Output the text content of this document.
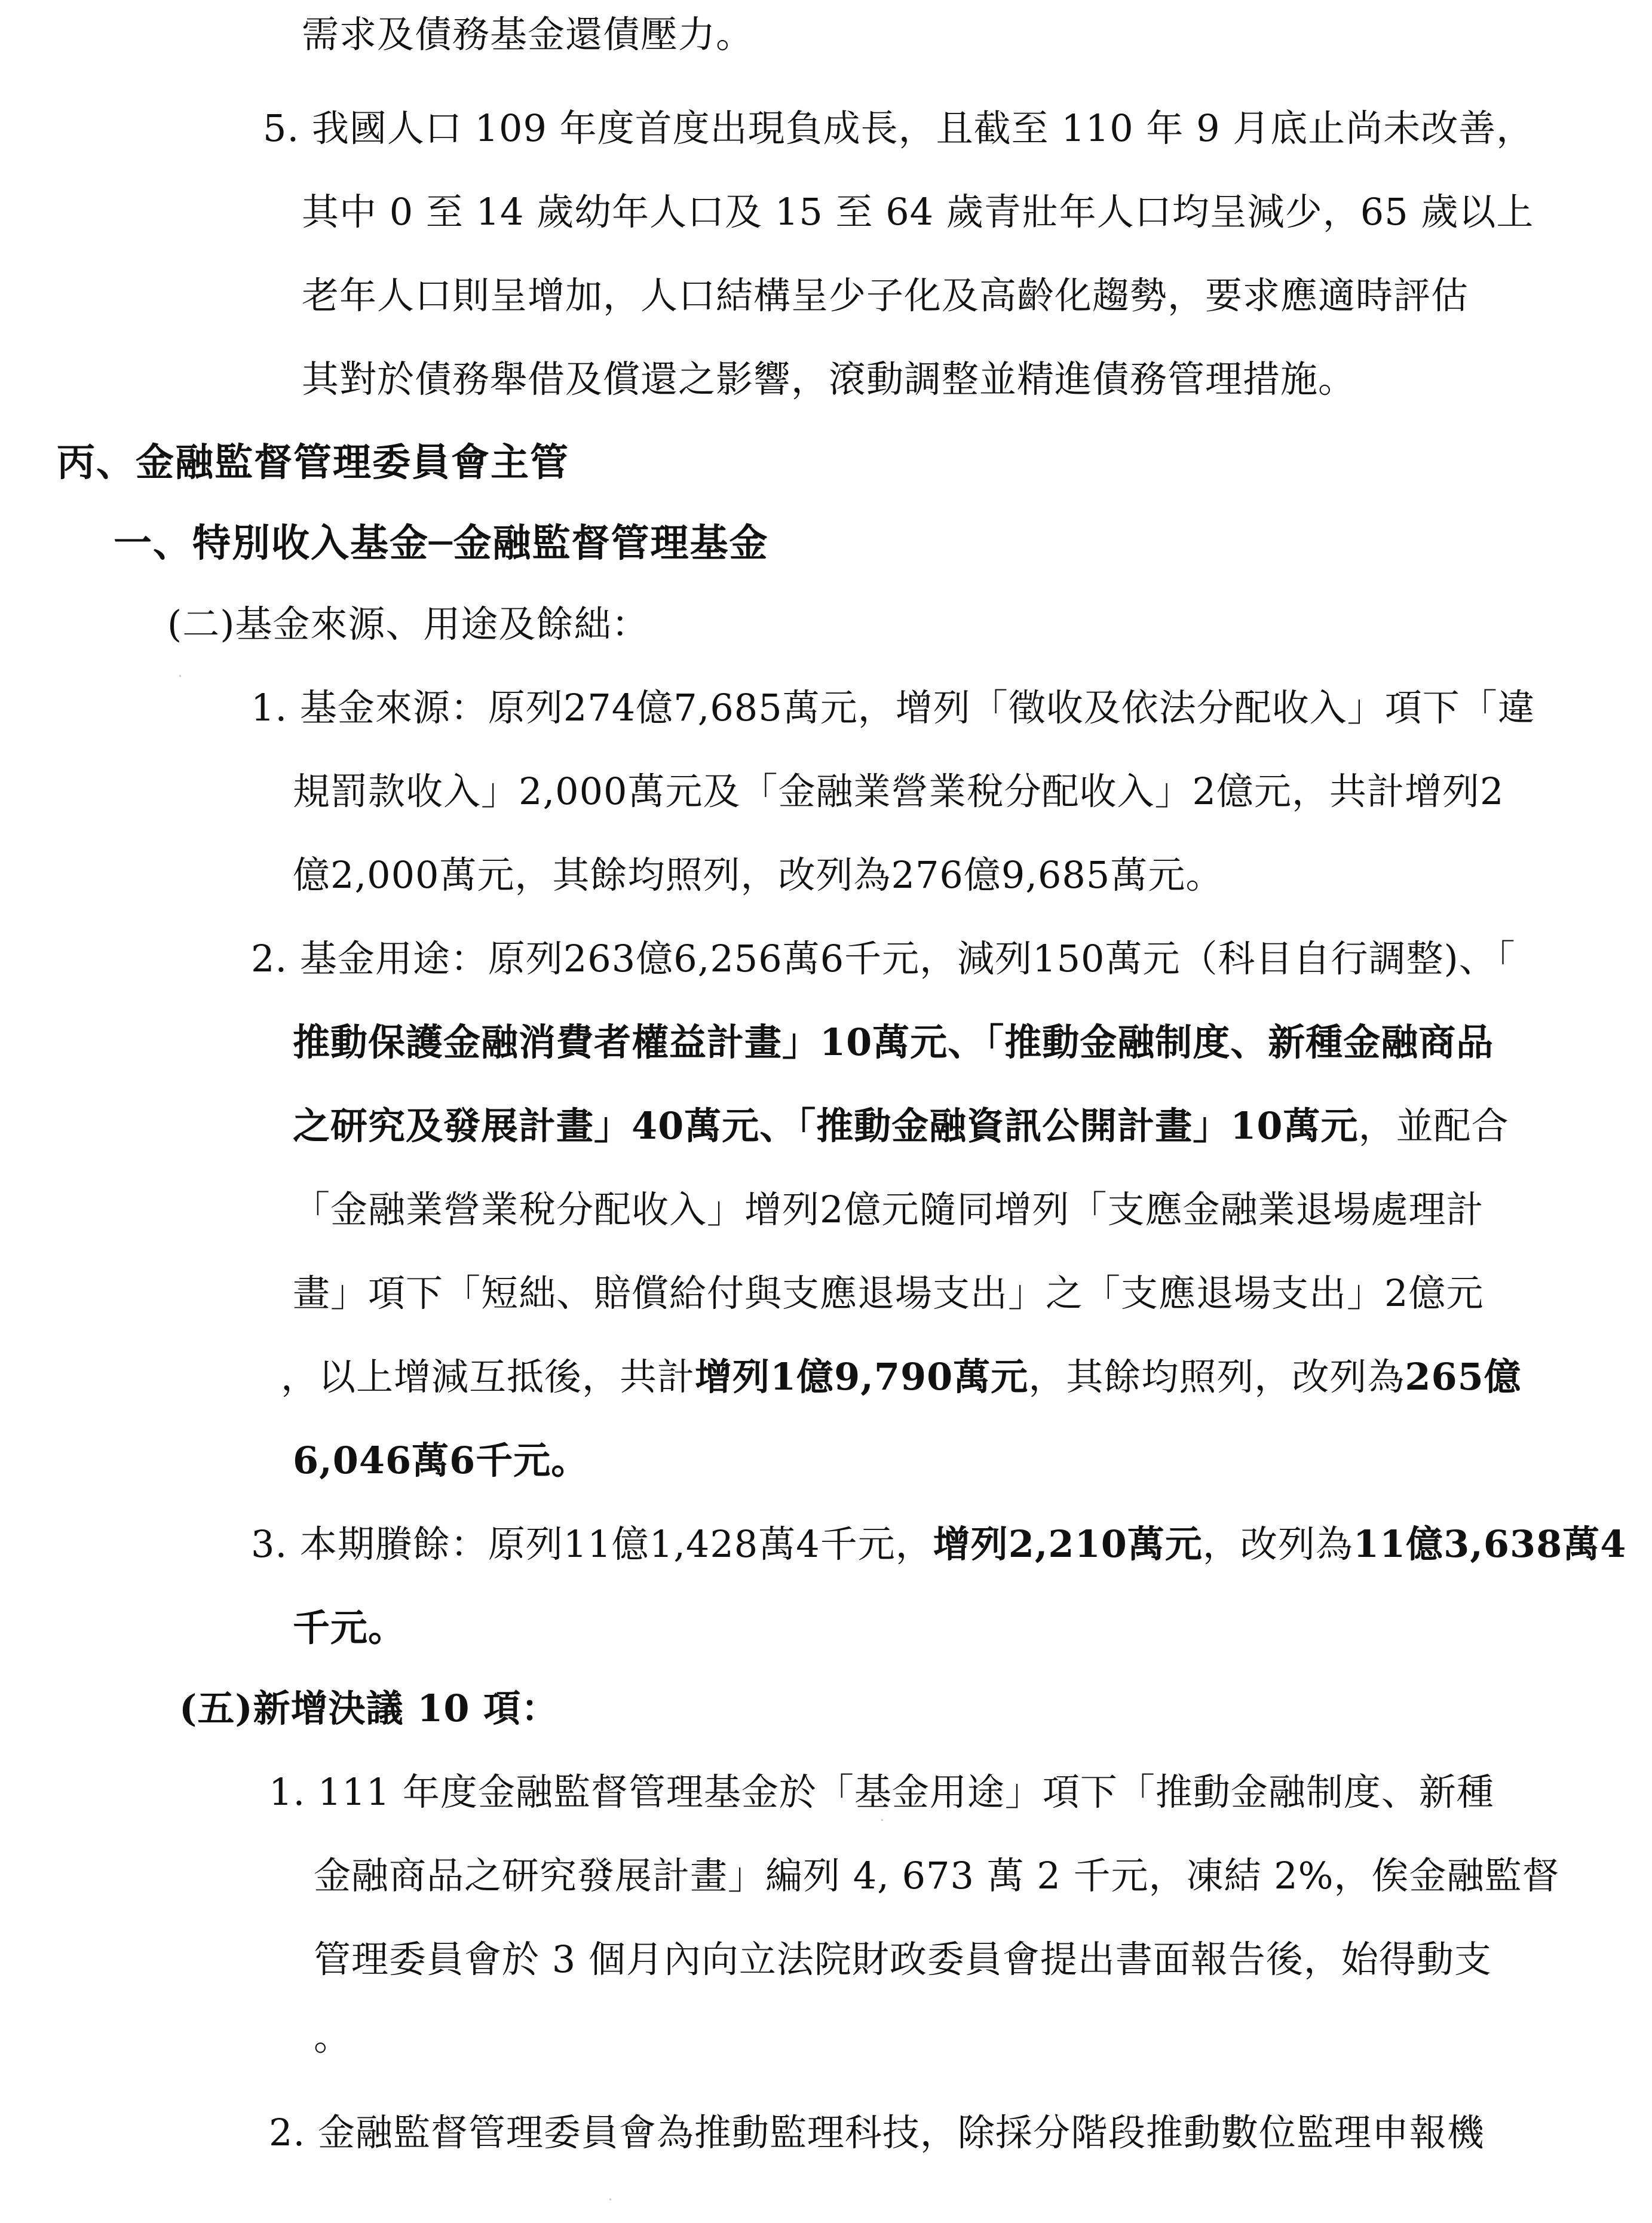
需求及債務基金還債壓力。
5. 我國人口 109 年度首度出現負成長，且截至 110 年 9 月底止尚未改善，
其中 0 至 14 歲幼年人口及 15 至 64 歲青壯年人口均呈減少，65 歲以上
老年人口則呈增加，人口結構呈少子化及高齡化趨勢，要求應適時評估
其對於債務舉借及償還之影響，滾動調整並精進債務管理措施。
丙、金融監督管理委員會主管
一、特別收入基金─金融監督管理基金
(二)基金來源、用途及餘絀：
1. 基金來源：原列274億7,685萬元，增列「徵收及依法分配收入」項下「違
規罰款收入」2,000萬元及「金融業營業稅分配收入」2億元，共計增列2
億2,000萬元，其餘均照列，改列為276億9,685萬元。
2. 基金用途：原列263億6,256萬6千元，減列150萬元（科目自行調整)、「
推動保護金融消費者權益計畫」10萬元、「推動金融制度、新種金融商品
之研究及發展計畫」40萬元、「推動金融資訊公開計畫」10萬元，並配合
「金融業營業稅分配收入」增列2億元隨同增列「支應金融業退場處理計
畫」項下「短絀、賠償給付與支應退場支出」之「支應退場支出」2億元
，以上增減互抵後，共計增列1億9,790萬元，其餘均照列，改列為265億
6,046萬6千元。
3. 本期賸餘：原列11億1,428萬4千元，增列2,210萬元，改列為11億3,638萬4
千元。
(五)新增決議 10 項：
1. 111 年度金融監督管理基金於「基金用途」項下「推動金融制度、新種
金融商品之研究發展計畫」編列 4, 673 萬 2 千元，凍結 2%，俟金融監督
管理委員會於 3 個月內向立法院財政委員會提出書面報告後，始得動支
。
2. 金融監督管理委員會為推動監理科技，除採分階段推動數位監理申報機
